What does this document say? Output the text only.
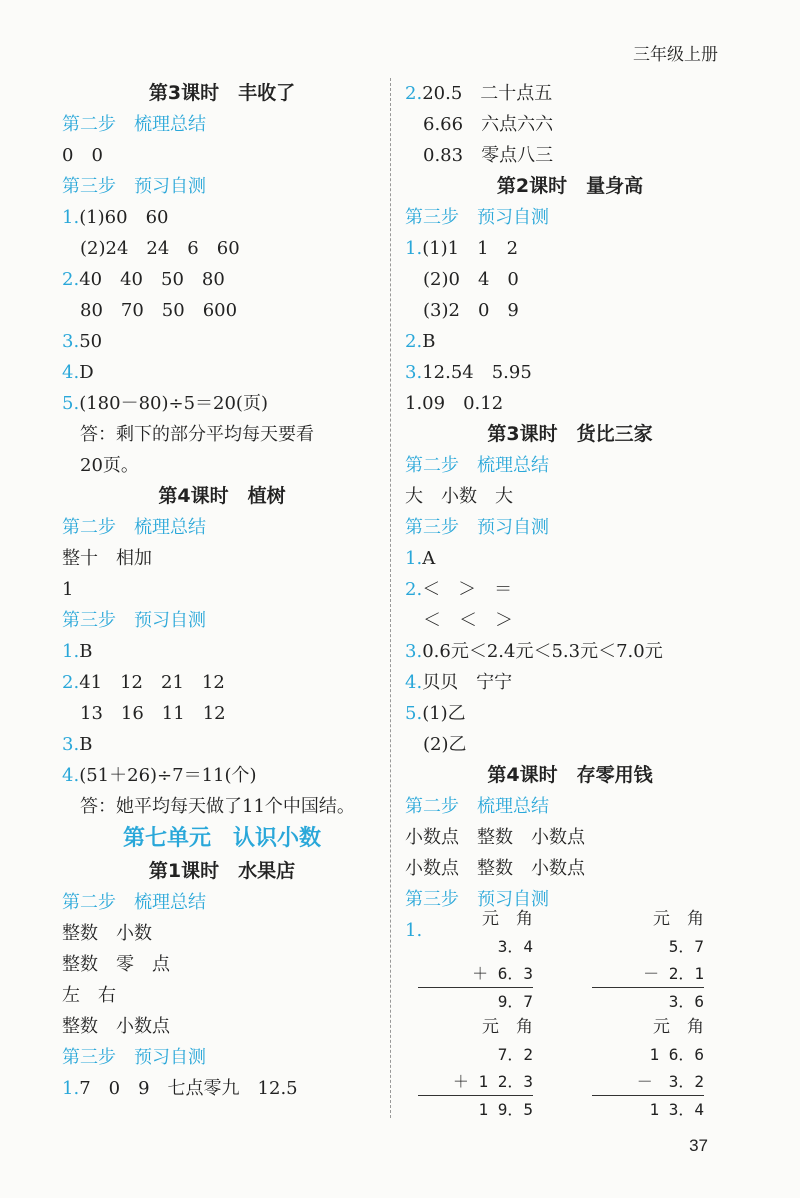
三年级上册
第3课时　丰收了
第二步　梳理总结
0　0
第三步　预习自测
1.(1)60　60
(2)24　24　6　60
2.40　40　50　80
80　70　50　600
3.50
4.D
5.(180－80)÷5＝20(页)
答：剩下的部分平均每天要看
20页。
第4课时　植树
第二步　梳理总结
整十　相加
1
第三步　预习自测
1.B
2.41　12　21　12
13　16　11　12
3.B
4.(51＋26)÷7＝11(个)
答：她平均每天做了11个中国结。
第七单元　认识小数
第1课时　水果店
第二步　梳理总结
整数　小数
整数　零　点
左　右
整数　小数点
第三步　预习自测
1.7　0　9　七点零九　12.5
2.20.5　二十点五
6.66　六点六六
0.83　零点八三
第2课时　量身高
第三步　预习自测
1.(1)1　1　2
(2)0　4　0
(3)2　0　9
2.B
3.12.54　5.95
1.09　0.12
第3课时　货比三家
第二步　梳理总结
大　小数　大
第三步　预习自测
1.A
2.＜　＞　＝
＜　＜　＞
3.0.6元＜2.4元＜5.3元＜7.0元
4.贝贝　宁宁
5.(1)乙
(2)乙
第4课时　存零用钱
第二步　梳理总结
小数点　整数　小数点
小数点　整数　小数点
第三步　预习自测
1.
元　角
3．4
＋ 6．3
9．7
元　角
5．7
－ 2．1
3．6
元　角
7．2
＋ 1 2．3
1 9．5
元　角
1 6．6
－　3．2
1 3．4
37
